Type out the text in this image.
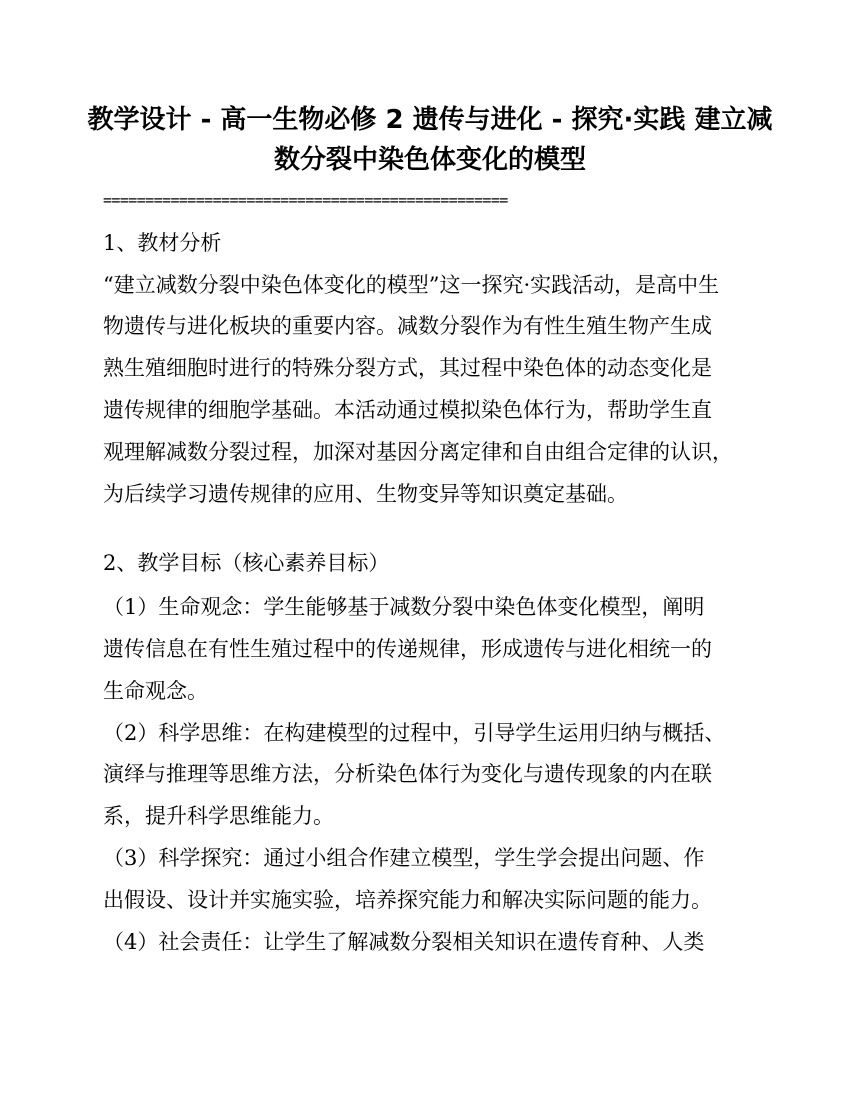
教学设计 - 高一生物必修 2 遗传与进化 - 探究·实践 建立减
数分裂中染色体变化的模型
================================================
1、教材分析
“建立减数分裂中染色体变化的模型”这一探究·实践活动，是高中生
物遗传与进化板块的重要内容。减数分裂作为有性生殖生物产生成
熟生殖细胞时进行的特殊分裂方式，其过程中染色体的动态变化是
遗传规律的细胞学基础。本活动通过模拟染色体行为，帮助学生直
观理解减数分裂过程，加深对基因分离定律和自由组合定律的认识，
为后续学习遗传规律的应用、生物变异等知识奠定基础。
2、教学目标（核心素养目标）
（1）生命观念：学生能够基于减数分裂中染色体变化模型，阐明
遗传信息在有性生殖过程中的传递规律，形成遗传与进化相统一的
生命观念。
（2）科学思维：在构建模型的过程中，引导学生运用归纳与概括、
演绎与推理等思维方法，分析染色体行为变化与遗传现象的内在联
系，提升科学思维能力。
（3）科学探究：通过小组合作建立模型，学生学会提出问题、作
出假设、设计并实施实验，培养探究能力和解决实际问题的能力。
（4）社会责任：让学生了解减数分裂相关知识在遗传育种、人类
